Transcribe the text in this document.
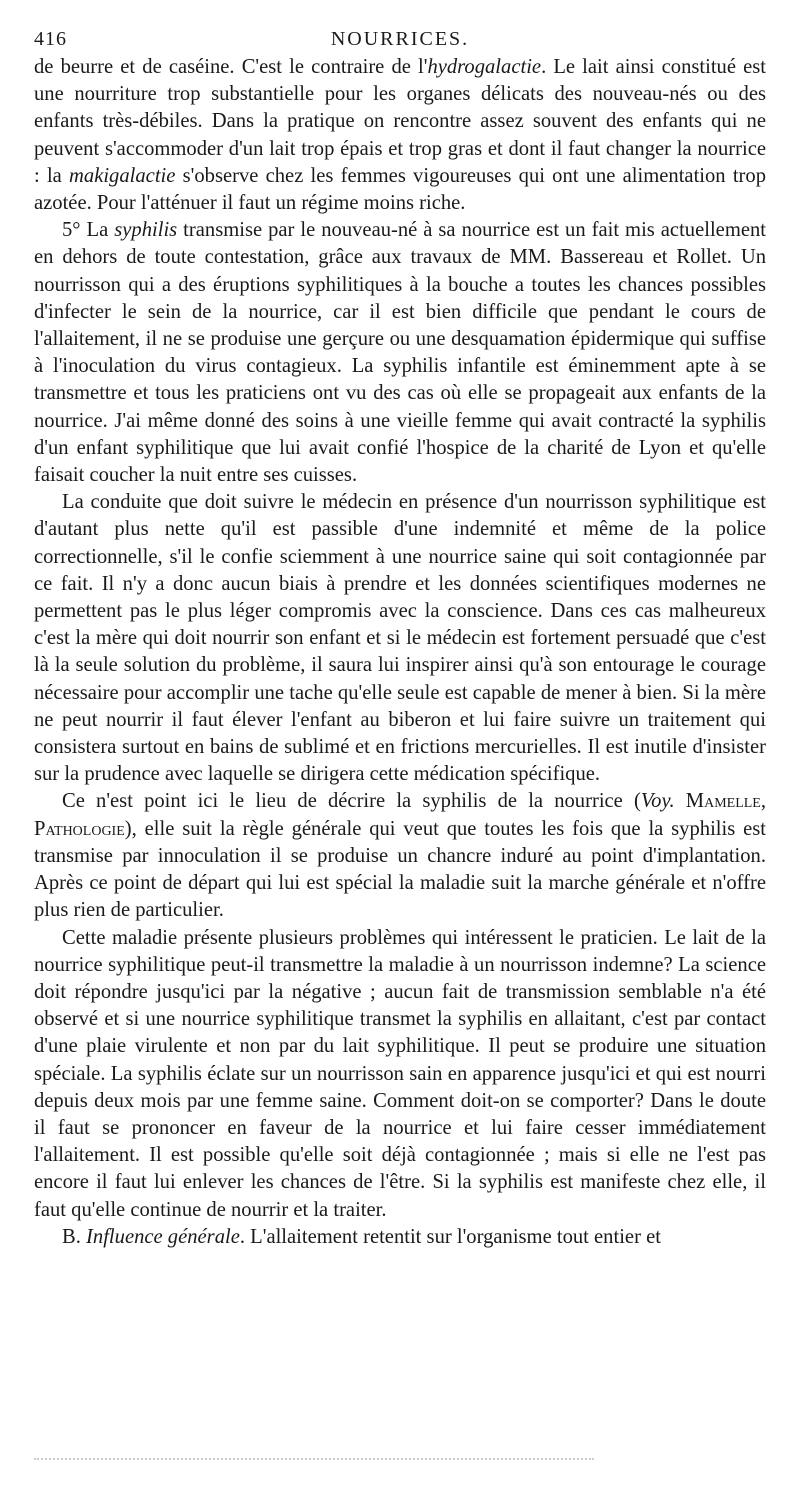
416	NOURRICES.

de beurre et de caséine. C'est le contraire de l'hydrogalactie. Le lait ainsi constitué est une nourriture trop substantielle pour les organes délicats des nouveau-nés ou des enfants très-débiles. Dans la pratique on rencontre assez souvent des enfants qui ne peuvent s'accommoder d'un lait trop épais et trop gras et dont il faut changer la nourrice : la makigalactie s'observe chez les femmes vigoureuses qui ont une alimentation trop azotée. Pour l'atténuer il faut un régime moins riche.

5° La syphilis transmise par le nouveau-né à sa nourrice est un fait mis actuellement en dehors de toute contestation, grâce aux travaux de MM. Bassereau et Rollet. Un nourrisson qui a des éruptions syphilitiques à la bouche a toutes les chances possibles d'infecter le sein de la nourrice, car il est bien difficile que pendant le cours de l'allaitement, il ne se produise une gerçure ou une desquamation épidermique qui suffise à l'inoculation du virus contagieux. La syphilis infantile est éminemment apte à se transmettre et tous les praticiens ont vu des cas où elle se propageait aux enfants de la nourrice. J'ai même donné des soins à une vieille femme qui avait contracté la syphilis d'un enfant syphilitique que lui avait confié l'hospice de la charité de Lyon et qu'elle faisait coucher la nuit entre ses cuisses.

La conduite que doit suivre le médecin en présence d'un nourrisson syphilitique est d'autant plus nette qu'il est passible d'une indemnité et même de la police correctionnelle, s'il le confie sciemment à une nourrice saine qui soit contagionnée par ce fait. Il n'y a donc aucun biais à prendre et les données scientifiques modernes ne permettent pas le plus léger compromis avec la conscience. Dans ces cas malheureux c'est la mère qui doit nourrir son enfant et si le médecin est fortement persuadé que c'est là la seule solution du problème, il saura lui inspirer ainsi qu'à son entourage le courage nécessaire pour accomplir une tache qu'elle seule est capable de mener à bien. Si la mère ne peut nourrir il faut élever l'enfant au biberon et lui faire suivre un traitement qui consistera surtout en bains de sublimé et en frictions mercurielles. Il est inutile d'insister sur la prudence avec laquelle se dirigera cette médication spécifique.

Ce n'est point ici le lieu de décrire la syphilis de la nourrice (Voy. Mamelle, Pathologie), elle suit la règle générale qui veut que toutes les fois que la syphilis est transmise par innoculation il se produise un chancre induré au point d'implantation. Après ce point de départ qui lui est spécial la maladie suit la marche générale et n'offre plus rien de particulier.

Cette maladie présente plusieurs problèmes qui intéressent le praticien. Le lait de la nourrice syphilitique peut-il transmettre la maladie à un nourrisson indemne? La science doit répondre jusqu'ici par la négative ; aucun fait de transmission semblable n'a été observé et si une nourrice syphilitique transmet la syphilis en allaitant, c'est par contact d'une plaie virulente et non par du lait syphilitique. Il peut se produire une situation spéciale. La syphilis éclate sur un nourrisson sain en apparence jusqu'ici et qui est nourri depuis deux mois par une femme saine. Comment doit-on se comporter? Dans le doute il faut se prononcer en faveur de la nourrice et lui faire cesser immédiatement l'allaitement. Il est possible qu'elle soit déjà contagionnée ; mais si elle ne l'est pas encore il faut lui enlever les chances de l'être. Si la syphilis est manifeste chez elle, il faut qu'elle continue de nourrir et la traiter.

B. Influence générale. L'allaitement retentit sur l'organisme tout entier et
